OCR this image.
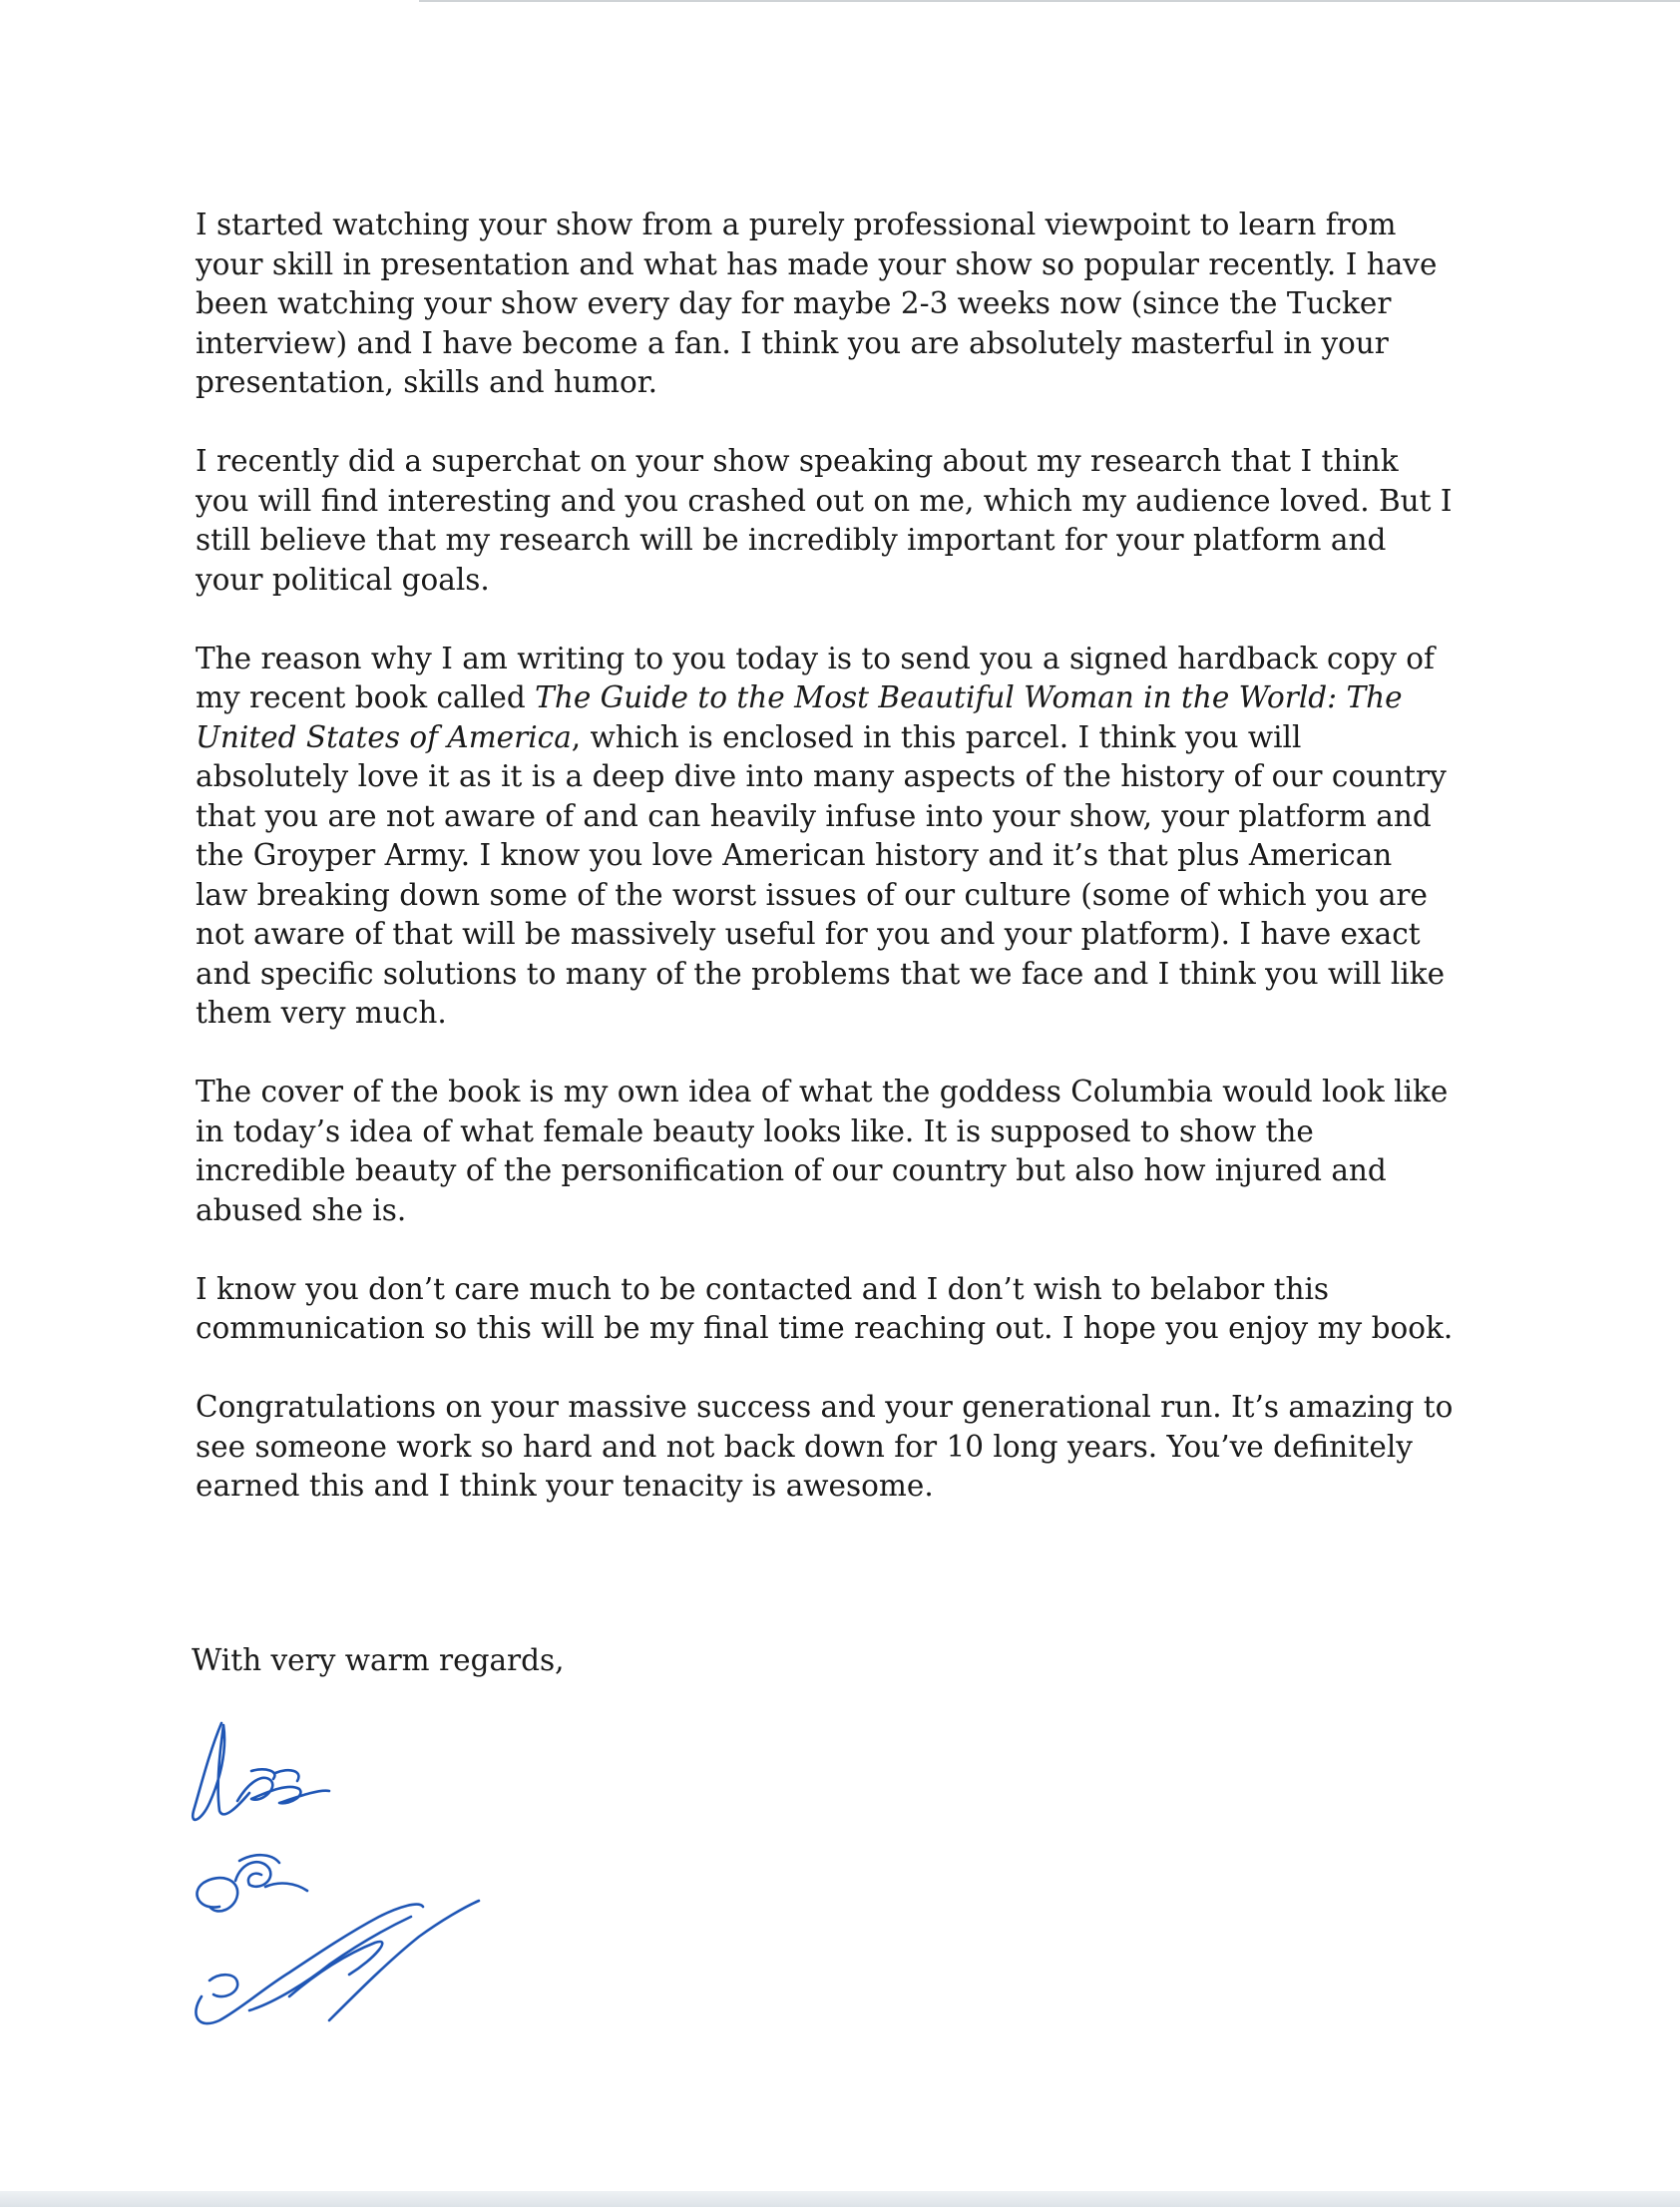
I started watching your show from a purely professional viewpoint to learn from
your skill in presentation and what has made your show so popular recently. I have
been watching your show every day for maybe 2-3 weeks now (since the Tucker
interview) and I have become a fan. I think you are absolutely masterful in your
presentation, skills and humor.

I recently did a superchat on your show speaking about my research that I think
you will find interesting and you crashed out on me, which my audience loved. But I
still believe that my research will be incredibly important for your platform and
your political goals.

The reason why I am writing to you today is to send you a signed hardback copy of
my recent book called The Guide to the Most Beautiful Woman in the World: The
United States of America, which is enclosed in this parcel. I think you will
absolutely love it as it is a deep dive into many aspects of the history of our country
that you are not aware of and can heavily infuse into your show, your platform and
the Groyper Army. I know you love American history and it’s that plus American
law breaking down some of the worst issues of our culture (some of which you are
not aware of that will be massively useful for you and your platform). I have exact
and specific solutions to many of the problems that we face and I think you will like
them very much.

The cover of the book is my own idea of what the goddess Columbia would look like
in today’s idea of what female beauty looks like. It is supposed to show the
incredible beauty of the personification of our country but also how injured and
abused she is.

I know you don’t care much to be contacted and I don’t wish to belabor this
communication so this will be my final time reaching out. I hope you enjoy my book.

Congratulations on your massive success and your generational run. It’s amazing to
see someone work so hard and not back down for 10 long years. You’ve definitely
earned this and I think your tenacity is awesome.

With very warm regards,
